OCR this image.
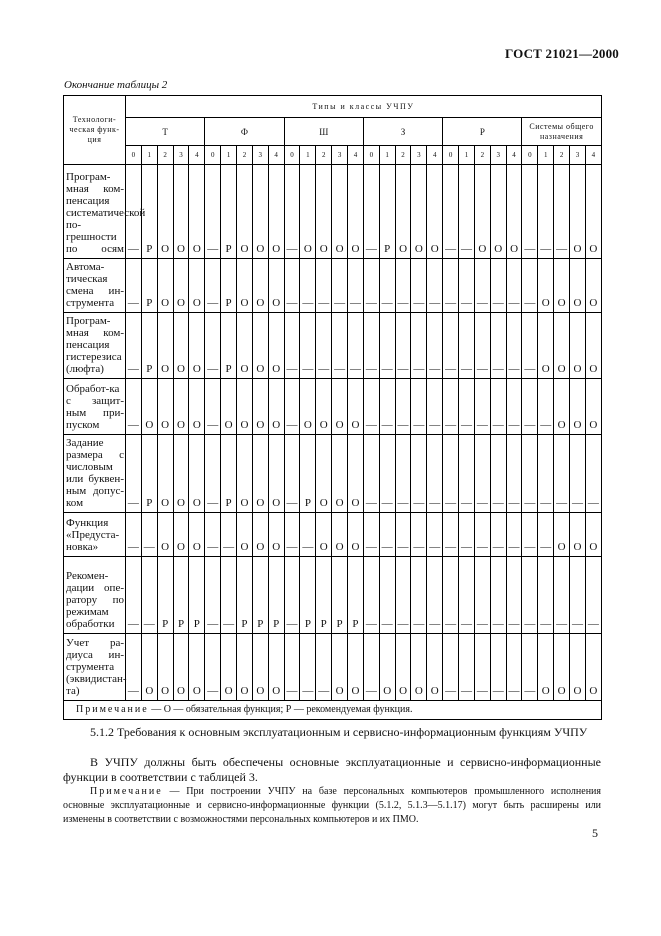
ГОСТ 21021—2000
Окончание таблицы 2
Технологи-ческая функ-ция	Типы и классы УЧПУ																													
	Т					Ф					Ш					З					Р					Системы общего назначения				
	0	1	2	3	4	0	1	2	3	4	0	1	2	3	4	0	1	2	3	4	0	1	2	3	4	0	1	2	3	4
Програм-мная ком-пенсация систематической по-грешности по осям	—	Р	О	О	О	—	Р	О	О	О	—	О	О	О	О	—	Р	О	О	О	—	—	О	О	О	—	—	—	О	О
Автома-тическая смена ин-струмента	—	Р	О	О	О	—	Р	О	О	О	—	—	—	—	—	—	—	—	—	—	—	—	—	—	—	—	О	О	О	О
Програм-мная ком-пенсация гистерезиса (люфта)	—	Р	О	О	О	—	Р	О	О	О	—	—	—	—	—	—	—	—	—	—	—	—	—	—	—	—	О	О	О	О
Обработ-ка с защит-ным при-пуском	—	О	О	О	О	—	О	О	О	О	—	О	О	О	О	—	—	—	—	—	—	—	—	—	—	—	—	О	О	О
Задание размера с числовым или буквен-ным допус-ком	—	Р	О	О	О	—	Р	О	О	О	—	Р	О	О	О	—	—	—	—	—	—	—	—	—	—	—	—	—	—	—
Функция «Предуста-новка»	—	—	О	О	О	—	—	О	О	О	—	—	О	О	О	—	—	—	—	—	—	—	—	—	—	—	—	О	О	О
Рекомен-дации опе-ратору по режимам обработки	—	—	Р	Р	Р	—	—	Р	Р	Р	—	Р	Р	Р	Р	—	—	—	—	—	—	—	—	—	—	—	—	—	—	—
Учет ра-диуса ин-струмента (эквидистан-та)	—	О	О	О	О	—	О	О	О	О	—	—	—	О	О	—	О	О	О	О	—	—	—	—	—	—	О	О	О	О
Примечание — О — обязательная функция; Р — рекомендуемая функция.																														
5.1.2 Требования к основным эксплуатационным и сервисно-информационным функциям УЧПУ
В УЧПУ должны быть обеспечены основные эксплуатационные и сервисно-информационные функции в соответствии с таблицей 3.
Примечание — При построении УЧПУ на базе персональных компьютеров промышленного исполнения основные эксплуатационные и сервисно-информационные функции (5.1.2, 5.1.3—5.1.17) могут быть расширены или изменены в соответствии с возможностями персональных компьютеров и их ПМО.
5
